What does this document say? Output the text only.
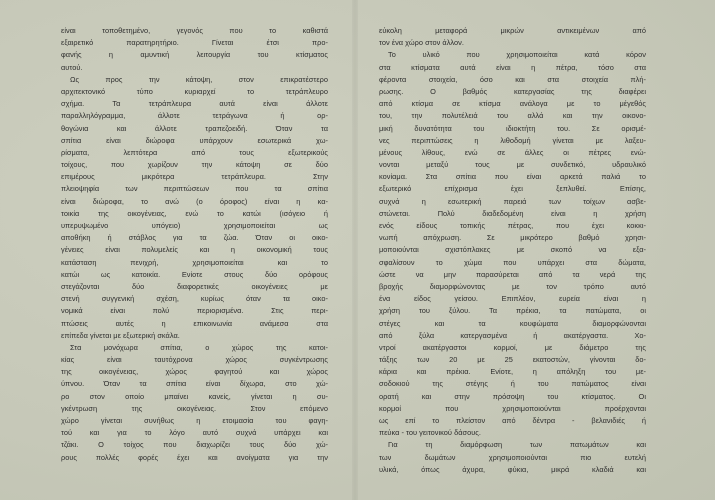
είναι τοποθετημένο, γεγονός που το καθιστά
εξαιρετικό παρατηρητήριο. Γίνεται έτσι προ-
φανής η αμυντική λειτουργία του κτίσματος
αυτού.
Ως προς την κάτοψη, στον επικρατέστερο
αρχιτεκτονικό τύπο κυριαρχεί το τετράπλευρο
σχήμα. Τα τετράπλευρα αυτά είναι άλλοτε
παραλληλόγραμμα, άλλοτε τετράγωνα ή ορ-
θογώνια και άλλοτε τραπεζοειδή. Όταν τα
σπίτια είναι διώροφα υπάρχουν εσωτερικά χω-
ρίσματα, λεπτότερα από τους εξωτερικούς
τοίχους, που χωρίζουν την κάτοψη σε δύο
επιμέρους μικρότερα τετράπλευρα. Στην
πλειοψηφία των περιπτώσεων που τα σπίτια
είναι διώροφα, το ανώ (ο όροφος) είναι η κα-
τοικία της οικογένειας, ενώ το κατώι (ισόγειο ή
υπερυψωμένο υπόγειο) χρησιμοποιείται ως
αποθήκη ή στάβλος για τα ζώα. Όταν οι οικο-
γένειες είναι πολυμελείς και η οικονομική τους
κατάσταση πενιχρή, χρησιμοποιείται και το
κατώι ως κατοικία. Ενίοτε στους δύο ορόφους
στεγάζονται δύο διαφορετικές οικογένειες με
στενή συγγενική σχέση, κυρίως όταν τα οικο-
νομικά είναι πολύ περιορισμένα. Στις περι-
πτώσεις αυτές η επικοινωνία ανάμεσα στα
επίπεδα γίνεται με εξωτερική σκάλα.
Στα μονόχωρα σπίτια, ο χώρος της κατοι-
κίας είναι ταυτόχρονα χώρος συγκέντρωσης
της οικογένειας, χώρος φαγητού και χώρος
ύπνου. Όταν τα σπίτια είναι δίχωρα, στο χώ-
ρο στον οποίο μπαίνει κανείς, γίνεται η συ-
γκέντρωση της οικογένειας. Στον επόμενο
χώρο γίνεται συνήθως η ετοιμασία του φαγη-
τού και για το λόγο αυτό συχνά υπάρχει και
τζάκι. Ο τοίχος που διαχωρίζει τους δύο χώ-
ρους πολλές φορές έχει και ανοίγματα για την
εύκολη μεταφορά μικρών αντικειμένων από
τον ένα χώρο στον άλλον.
Το υλικό που χρησιμοποιείται κατά κόρον
στα κτίσματα αυτά είναι η πέτρα, τόσο στα
φέροντα στοιχεία, όσο και στα στοιχεία πλή-
ρωσης. Ο βαθμός κατεργασίας της διαφέρει
από κτίσμα σε κτίσμα ανάλογα με το μέγεθός
του, την πολυτέλειά του αλλά και την οικονο-
μική δυνατότητα του ιδιοκτήτη του. Σε ορισμέ-
νες περιπτώσεις η λιθοδομή γίνεται με λαξευ-
μένους λίθους, ενώ σε άλλες οι πέτρες ενώ-
νονται μεταξύ τους με συνδετικό, υδραυλικό
κονίαμα. Στα σπίτια που είναι αρκετά παλιά το
εξωτερικό επίχρισμα έχει ξεπλυθεί. Επίσης,
συχνά η εσωτερική παρειά των τοίχων ασβε-
στώνεται. Πολύ διαδεδομένη είναι η χρήση
ενός είδους τοπικής πέτρας, που έχει κοκκι-
νωπή απόχρωση. Σε μικρότερο βαθμό χρησι-
μοποιούνται σχιστόπλακες με σκοπό να εξα-
σφαλίσουν το χώμα που υπάρχει στα δώματα,
ώστε να μην παρασύρεται από τα νερά της
βροχής διαμορφώνοντας με τον τρόπο αυτό
ένα είδος γείσου. Επιπλέον, ευρεία είναι η
χρήση του ξύλου. Τα πρέκια, τα πατώματα, οι
στέγες και τα κουφώματα διαμορφώνονται
από ξύλα κατεργασμένα ή ακατέργαστα. Χο-
ντροί ακατέργαστοι κορμοί, με διάμετρο της
τάξης των 20 με 25 εκατοστών, γίνονται δο-
κάρια και πρέκια. Ενίοτε, η απόληξη του με-
σοδοκιού της στέγης ή του πατώματος είναι
ορατή και στην πρόσοψη του κτίσματος. Οι
κορμοί που χρησιμοποιούνται προέρχονται
ως επί το πλείστον από δέντρα - βελανιδιές ή
πεύκα - του γειτονικού δάσους.
Για τη διαμόρφωση των πατωμάτων και
των δωμάτων χρησιμοποιούνται πιο ευτελή
υλικά, όπως άχυρα, φύκια, μικρά κλαδιά και
